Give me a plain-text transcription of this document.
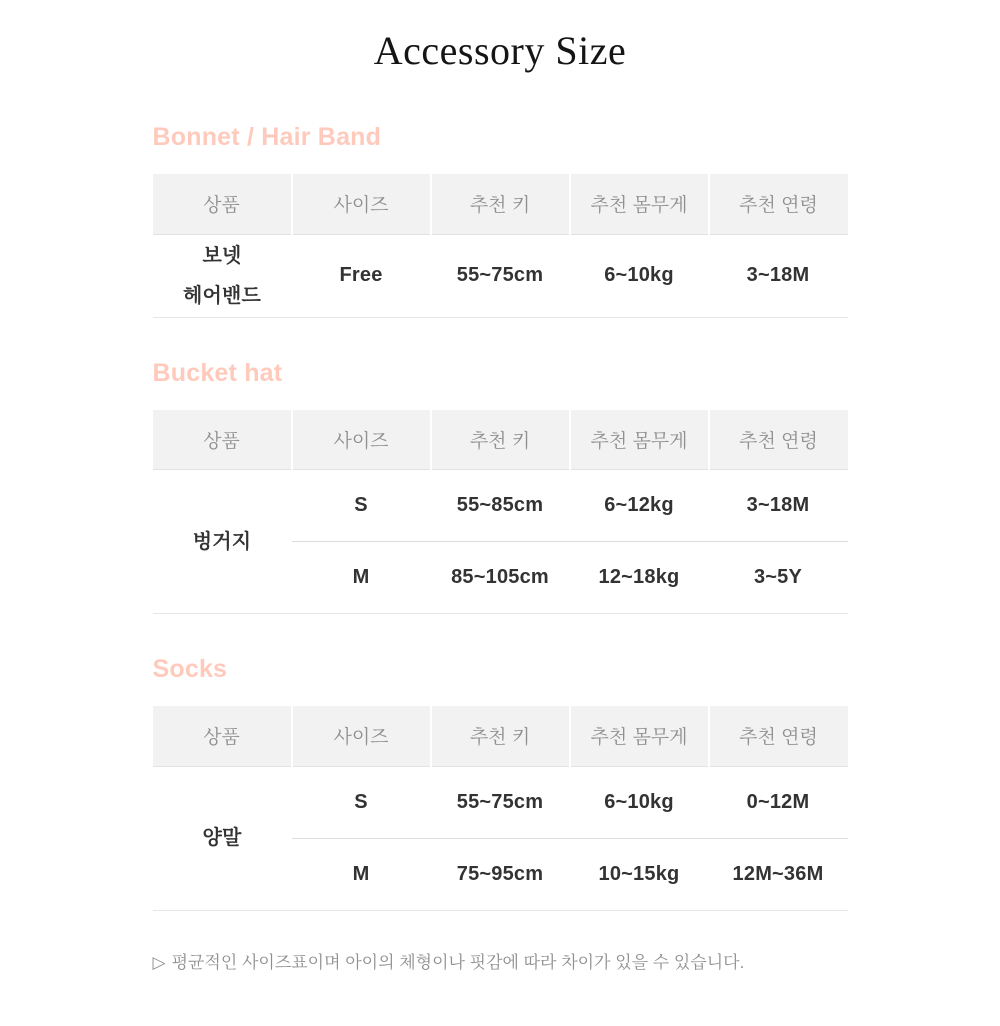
Accessory Size
Bonnet / Hair Band
상품	사이즈	추천 키	추천 몸무게	추천 연령

보넷
헤어밴드	Free	55~75cm	6~10kg	3~18M
Bucket hat
상품	사이즈	추천 키	추천 몸무게	추천 연령

벙거지	S	55~85cm	6~12kg	3~18M
	M	85~105cm	12~18kg	3~5Y
Socks
상품	사이즈	추천 키	추천 몸무게	추천 연령

양말	S	55~75cm	6~10kg	0~12M
	M	75~95cm	10~15kg	12M~36M
▷ 평균적인 사이즈표이며 아이의 체형이나 핏감에 따라 차이가 있을 수 있습니다.
